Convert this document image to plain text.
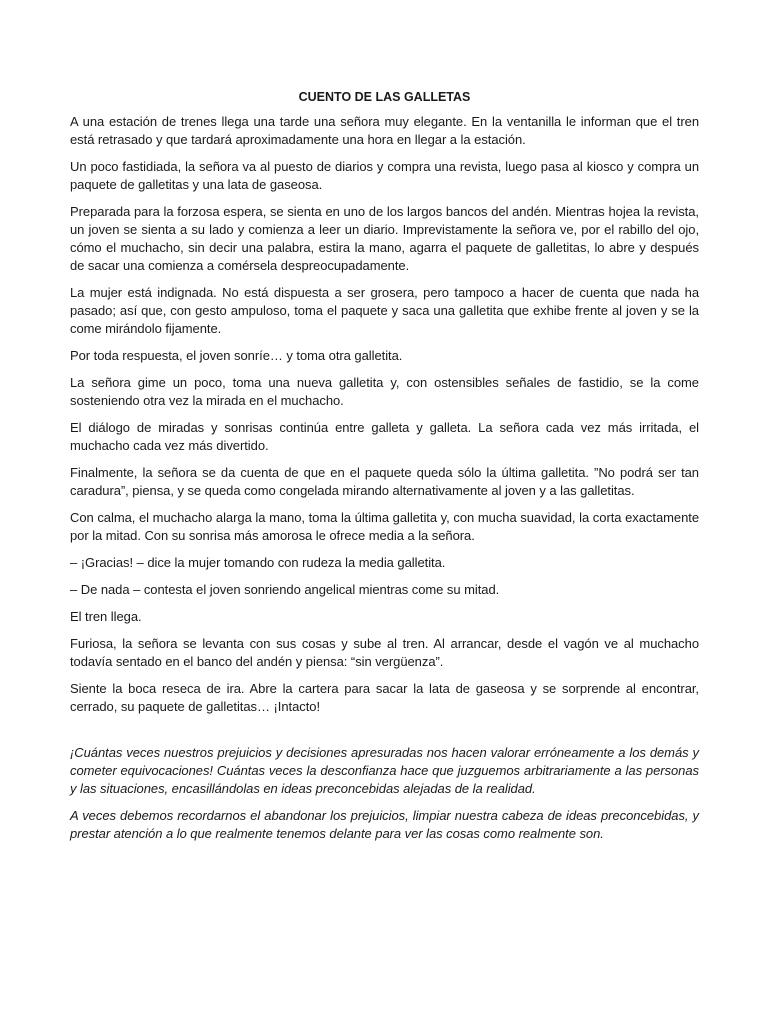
CUENTO DE LAS GALLETAS

A una estación de trenes llega una tarde una señora muy elegante. En la ventanilla le informan que el tren está retrasado y que tardará aproximadamente una hora en llegar a la estación.

Un poco fastidiada, la señora va al puesto de diarios y compra una revista, luego pasa al kiosco y compra un paquete de galletitas y una lata de gaseosa.

Preparada para la forzosa espera, se sienta en uno de los largos bancos del andén. Mientras hojea la revista, un joven se sienta a su lado y comienza a leer un diario. Imprevistamente la señora ve, por el rabillo del ojo, cómo el muchacho, sin decir una palabra, estira la mano, agarra el paquete de galletitas, lo abre y después de sacar una comienza a comérsela despreocupadamente.

La mujer está indignada. No está dispuesta a ser grosera, pero tampoco a hacer de cuenta que nada ha pasado; así que, con gesto ampuloso, toma el paquete y saca una galletita que exhibe frente al joven y se la come mirándolo fijamente.

Por toda respuesta, el joven sonríe… y toma otra galletita.

La señora gime un poco, toma una nueva galletita y, con ostensibles señales de fastidio, se la come sosteniendo otra vez la mirada en el muchacho.

El diálogo de miradas y sonrisas continúa entre galleta y galleta. La señora cada vez más irritada, el muchacho cada vez más divertido.

Finalmente, la señora se da cuenta de que en el paquete queda sólo la última galletita. ”No podrá ser tan caradura”, piensa, y se queda como congelada mirando alternativamente al joven y a las galletitas.

Con calma, el muchacho alarga la mano, toma la última galletita y, con mucha suavidad, la corta exactamente por la mitad. Con su sonrisa más amorosa le ofrece media a la señora.

– ¡Gracias! – dice la mujer tomando con rudeza la media galletita.

– De nada – contesta el joven sonriendo angelical mientras come su mitad.

El tren llega.

Furiosa, la señora se levanta con sus cosas y sube al tren. Al arrancar, desde el vagón ve al muchacho todavía sentado en el banco del andén y piensa: “sin vergüenza”.

Siente la boca reseca de ira. Abre la cartera para sacar la lata de gaseosa y se sorprende al encontrar, cerrado, su paquete de galletitas… ¡Intacto!

¡Cuántas veces nuestros prejuicios y decisiones apresuradas nos hacen valorar erróneamente a los demás y cometer equivocaciones! Cuántas veces la desconfianza hace que juzguemos arbitrariamente a las personas y las situaciones, encasillándolas en ideas preconcebidas alejadas de la realidad.

A veces debemos recordarnos el abandonar los prejuicios, limpiar nuestra cabeza de ideas preconcebidas, y prestar atención a lo que realmente tenemos delante para ver las cosas como realmente son.
